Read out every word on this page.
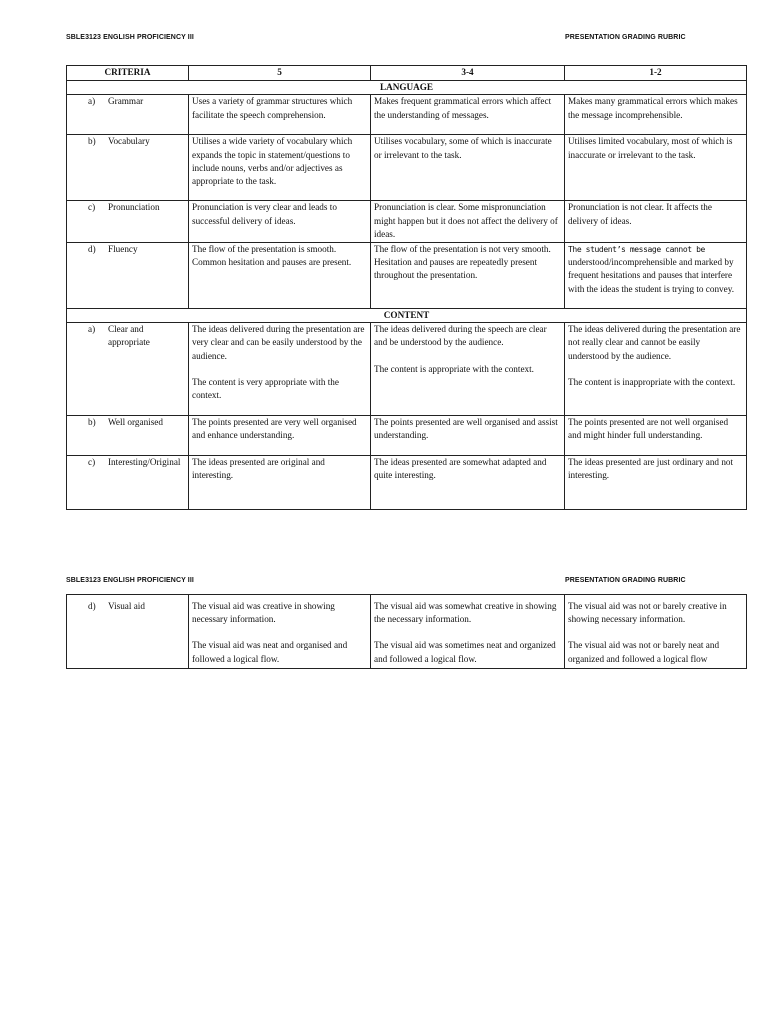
SBLE3123 ENGLISH PROFICIENCY III	PRESENTATION GRADING RUBRIC
CRITERIA	5	3-4	1-2
LANGUAGE			

a) Grammar	Uses a variety of grammar structures which facilitate the speech comprehension.	Makes frequent grammatical errors which affect the understanding of messages.	Makes many grammatical errors which makes the message incomprehensible.

b) Vocabulary	Utilises a wide variety of vocabulary which expands the topic in statement/questions to include nouns, verbs and/or adjectives as appropriate to the task.	Utilises vocabulary, some of which is inaccurate or irrelevant to the task.	Utilises limited vocabulary, most of which is inaccurate or irrelevant to the task.

c) Pronunciation	Pronunciation is very clear and leads to successful delivery of ideas.	Pronunciation is clear. Some mispronunciation might happen but it does not affect the delivery of ideas.	Pronunciation is not clear. It affects the delivery of ideas.

d) Fluency	The flow of the presentation is smooth. Common hesitation and pauses are present.	The flow of the presentation is not very smooth. Hesitation and pauses are repeatedly present throughout the presentation.	The student’s message cannot be
understood/incomprehensible and marked by frequent hesitations and pauses that interfere with the ideas the student is trying to convey.
CONTENT			

a) Clear and appropriate	The ideas delivered during the presentation are very clear and can be easily understood by the audience.
The content is very appropriate with the context.	The ideas delivered during the speech are clear and be understood by the audience.
The content is appropriate with the context.	The ideas delivered during the presentation are not really clear and cannot be easily understood by the audience.
The content is inappropriate with the context.

b) Well organised	The points presented are very well organised and enhance understanding.	The points presented are well organised and assist understanding.	The points presented are not well organised and might hinder full understanding.

c) Interesting/Original	The ideas presented are original and interesting.	The ideas presented are somewhat adapted and quite interesting.	The ideas presented are just ordinary and not interesting.
SBLE3123 ENGLISH PROFICIENCY III	PRESENTATION GRADING RUBRIC
d)	Visual aid	The visual aid was creative in showing necessary information.
The visual aid was neat and organised and followed a logical flow.	The visual aid was somewhat creative in showing the necessary information.
The visual aid was sometimes neat and organized and followed a logical flow.	The visual aid was not or barely creative in showing necessary information.
The visual aid was not or barely neat and organized and followed a logical flow
